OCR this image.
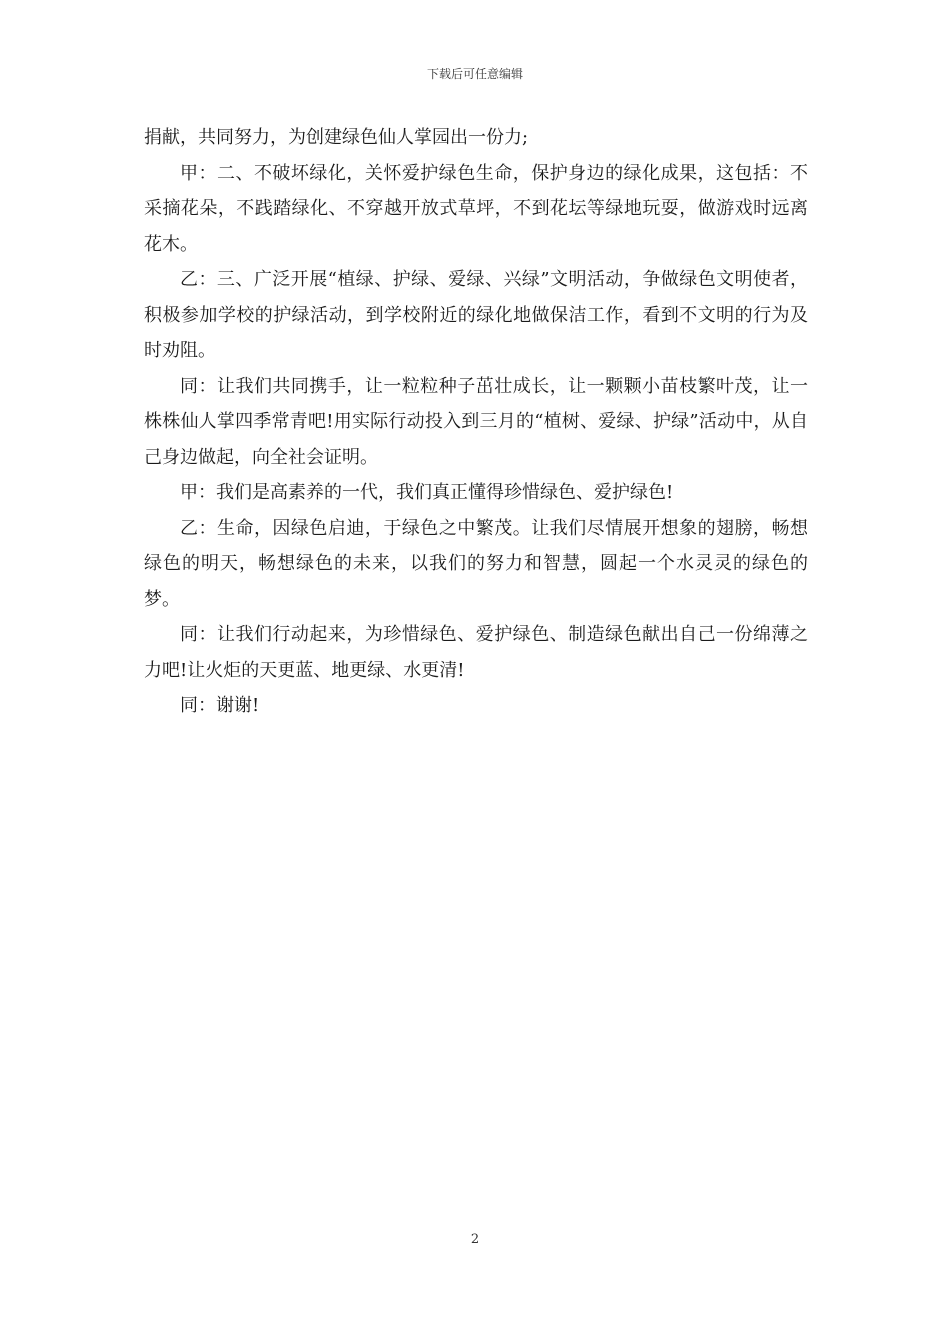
下载后可任意编辑

捐献，共同努力，为创建绿色仙人掌园出一份力;

甲：二、不破坏绿化，关怀爱护绿色生命，保护身边的绿化成果，这包括：不采摘花朵，不践踏绿化、不穿越开放式草坪，不到花坛等绿地玩耍，做游戏时远离花木。

乙：三、广泛开展“植绿、护绿、爱绿、兴绿”文明活动，争做绿色文明使者，积极参加学校的护绿活动，到学校附近的绿化地做保洁工作，看到不文明的行为及时劝阻。

同：让我们共同携手，让一粒粒种子茁壮成长，让一颗颗小苗枝繁叶茂，让一株株仙人掌四季常青吧!用实际行动投入到三月的“植树、爱绿、护绿”活动中，从自己身边做起，向全社会证明。

甲：我们是高素养的一代，我们真正懂得珍惜绿色、爱护绿色!

乙：生命，因绿色启迪，于绿色之中繁茂。让我们尽情展开想象的翅膀，畅想绿色的明天，畅想绿色的未来，以我们的努力和智慧，圆起一个水灵灵的绿色的梦。

同：让我们行动起来，为珍惜绿色、爱护绿色、制造绿色献出自己一份绵薄之力吧!让火炬的天更蓝、地更绿、水更清!

同：谢谢!

2
